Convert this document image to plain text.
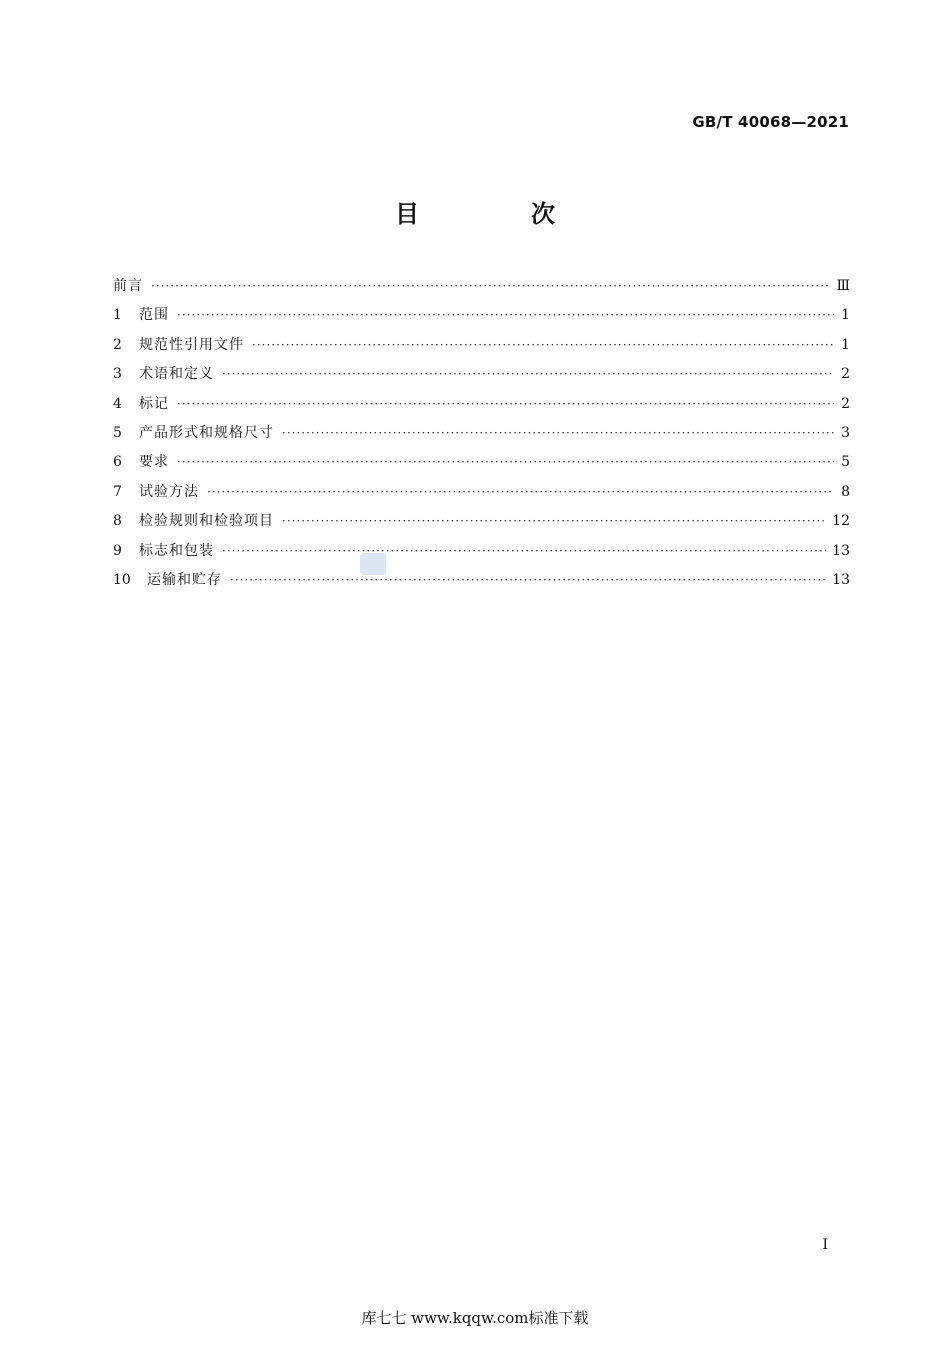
GB/T 40068—2021
目　次
前言 ·····	Ⅲ
1	范围 ·····	1
2	规范性引用文件 ·····	1
3	术语和定义 ·····	2
4	标记 ·····	2
5	产品形式和规格尺寸 ·····	3
6	要求 ·····	5
7	试验方法 ·····	8
8	检验规则和检验项目 ·····	12
9	标志和包装 ·····	13
10	运输和贮存 ·····	13
Ⅰ
库七七 www.kqqw.com标准下载
